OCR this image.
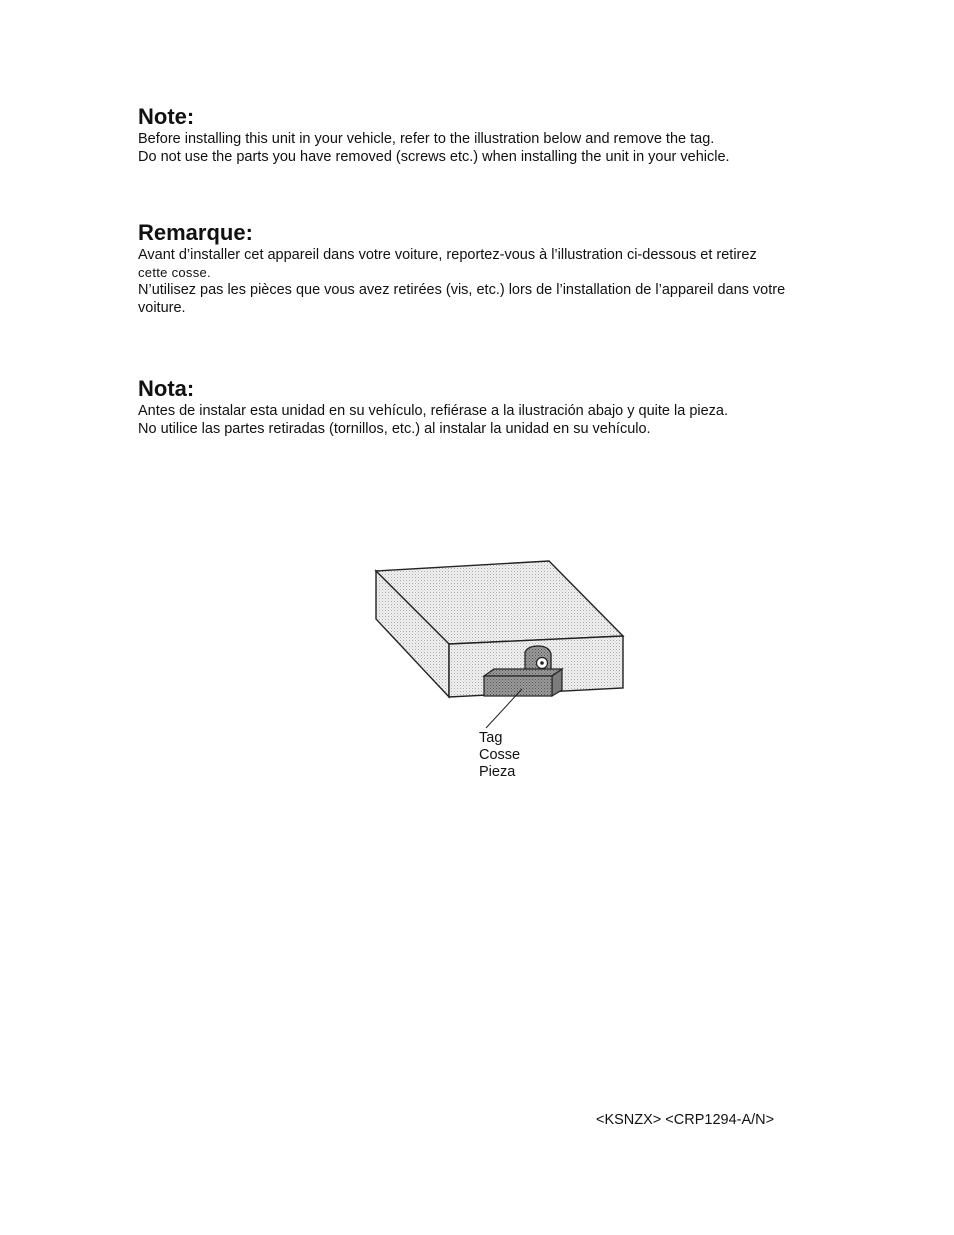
Note:

Before installing this unit in your vehicle, refer to the illustration below and remove the tag.

Do not use the parts you have removed (screws etc.) when installing the unit in your vehicle.

Remarque:

Avant d’installer cet appareil dans votre voiture, reportez-vous à l’illustration ci-dessous et retirez

cette cosse.

N’utilisez pas les pièces que vous avez retirées (vis, etc.) lors de l’installation de l’appareil dans votre

voiture.

Nota:

Antes de instalar esta unidad en su vehículo, refiérase a la ilustración abajo y quite la pieza.

No utilice las partes retiradas (tornillos, etc.) al instalar la unidad en su vehículo.

Tag
Cosse
Pieza
<KSNZX> <CRP1294-A/N>
